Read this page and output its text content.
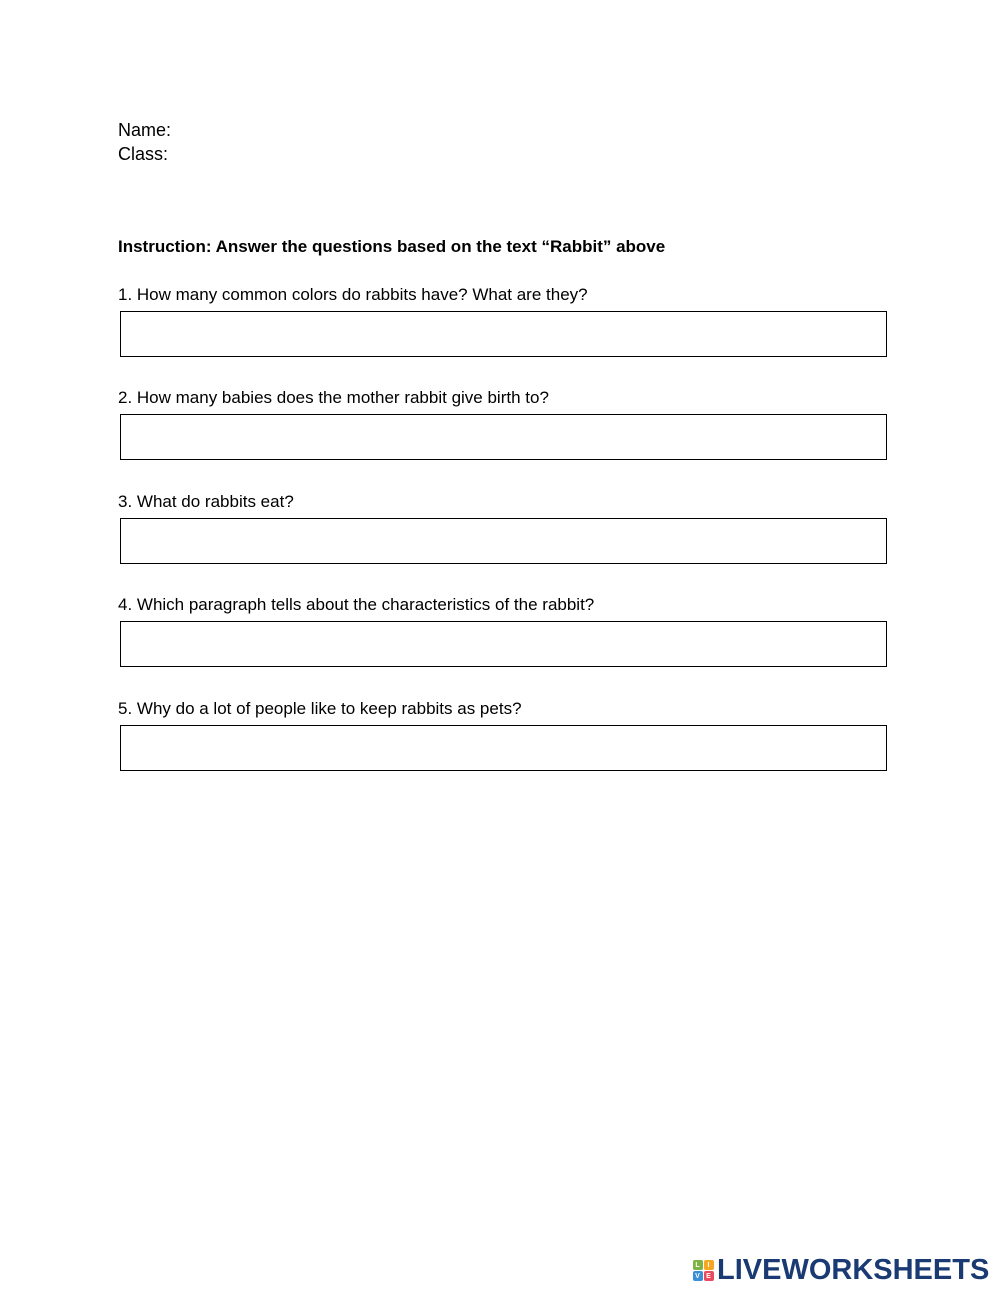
Name:
Class:
Instruction: Answer the questions based on the text “Rabbit” above
1. How many common colors do rabbits have? What are they?
2. How many babies does the mother rabbit give birth to?
3. What do rabbits eat?
4. Which paragraph tells about the characteristics of the rabbit?
5. Why do a lot of people like to keep rabbits as pets?
L	I
V E LIVEWORKSHEETS
